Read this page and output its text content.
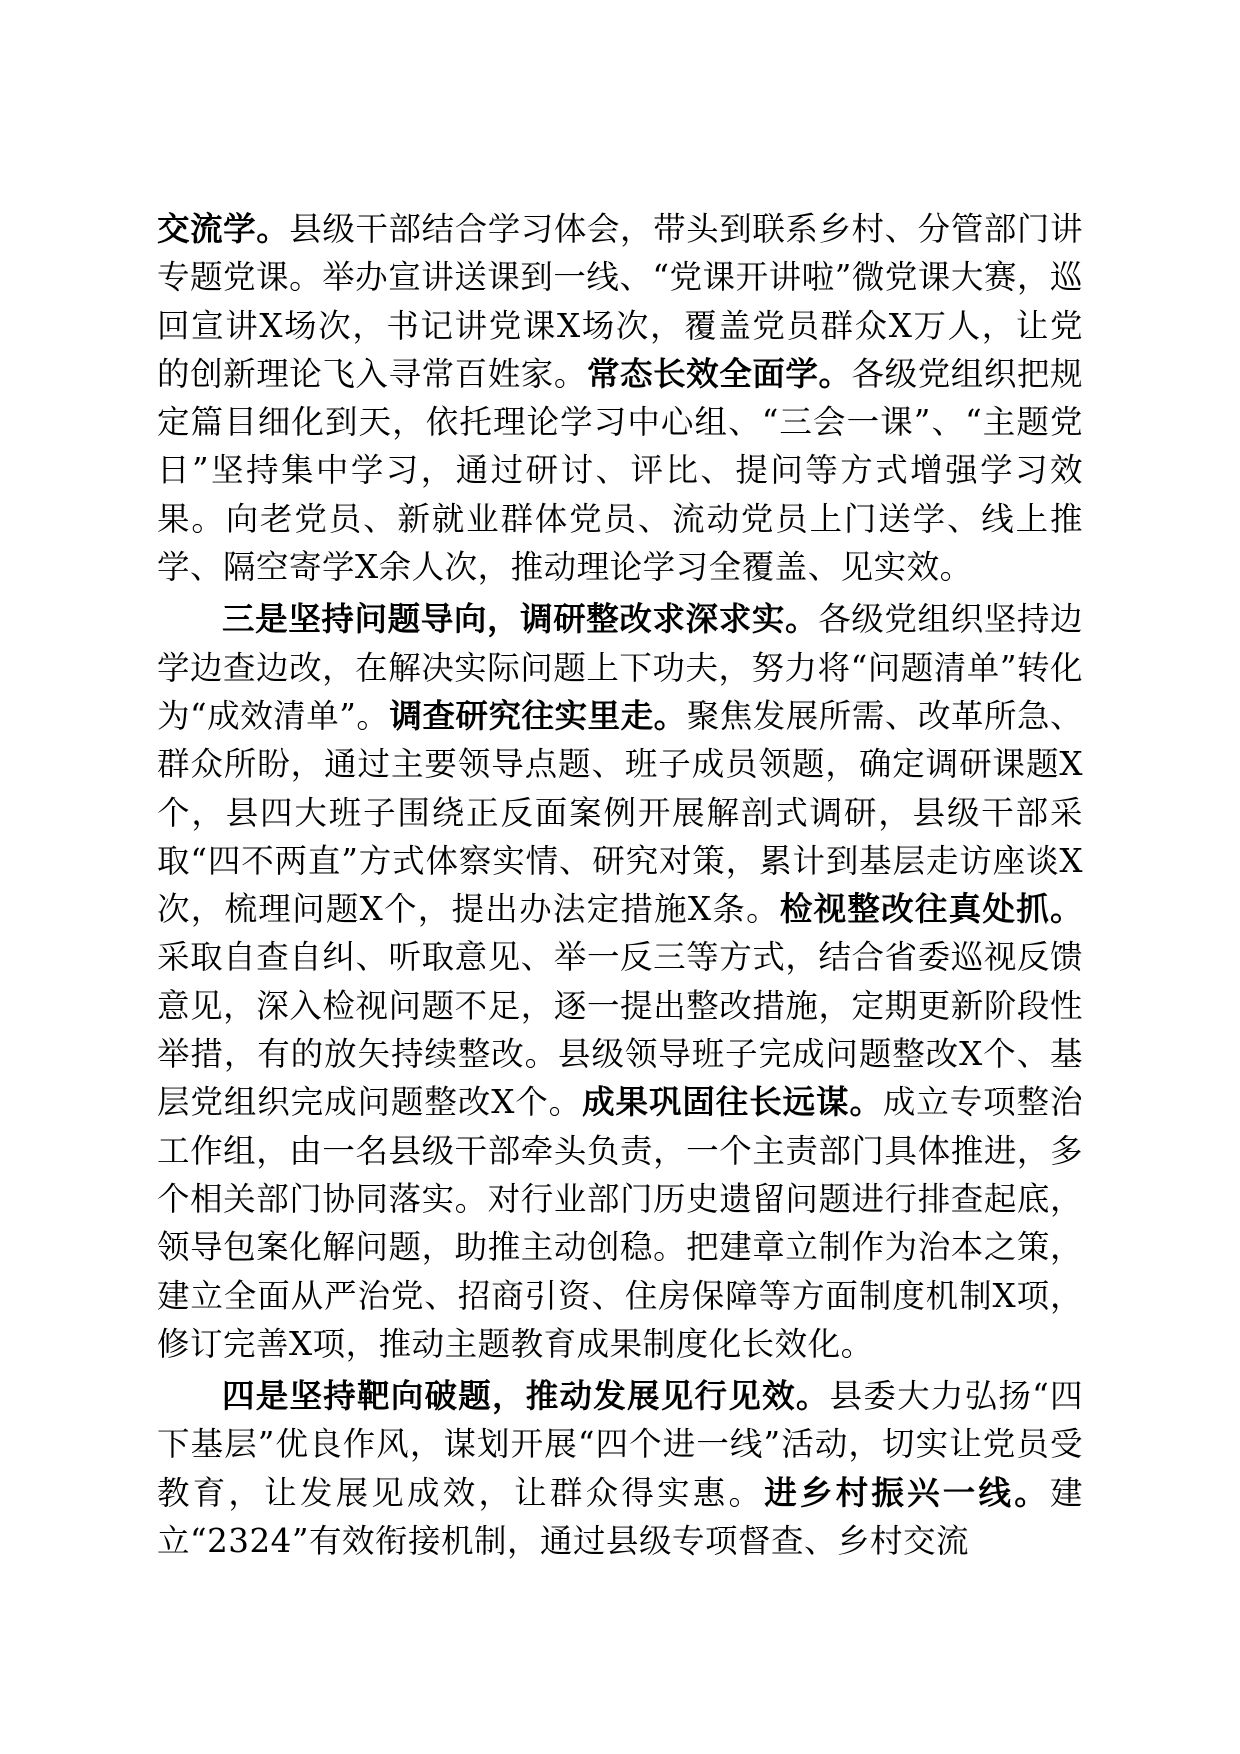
交流学。县级干部结合学习体会，带头到联系乡村、分管部门讲专题党课。举办宣讲送课到一线、“党课开讲啦”微党课大赛，巡回宣讲X场次，书记讲党课X场次，覆盖党员群众X万人，让党的创新理论飞入寻常百姓家。常态长效全面学。各级党组织把规定篇目细化到天，依托理论学习中心组、“三会一课”、“主题党日”坚持集中学习，通过研讨、评比、提问等方式增强学习效果。向老党员、新就业群体党员、流动党员上门送学、线上推学、隔空寄学X余人次，推动理论学习全覆盖、见实效。

三是坚持问题导向，调研整改求深求实。各级党组织坚持边学边查边改，在解决实际问题上下功夫，努力将“问题清单”转化为“成效清单”。调查研究往实里走。聚焦发展所需、改革所急、群众所盼，通过主要领导点题、班子成员领题，确定调研课题X个，县四大班子围绕正反面案例开展解剖式调研，县级干部采取“四不两直”方式体察实情、研究对策，累计到基层走访座谈X次，梳理问题X个，提出办法定措施X条。检视整改往真处抓。采取自查自纠、听取意见、举一反三等方式，结合省委巡视反馈意见，深入检视问题不足，逐一提出整改措施，定期更新阶段性举措，有的放矢持续整改。县级领导班子完成问题整改X个、基层党组织完成问题整改X个。成果巩固往长远谋。成立专项整治工作组，由一名县级干部牵头负责，一个主责部门具体推进，多个相关部门协同落实。对行业部门历史遗留问题进行排查起底，领导包案化解问题，助推主动创稳。把建章立制作为治本之策，建立全面从严治党、招商引资、住房保障等方面制度机制X项，修订完善X项，推动主题教育成果制度化长效化。

四是坚持靶向破题，推动发展见行见效。县委大力弘扬“四下基层”优良作风，谋划开展“四个进一线”活动，切实让党员受教育，让发展见成效，让群众得实惠。进乡村振兴一线。建立“2324”有效衔接机制，通过县级专项督查、乡村交流
